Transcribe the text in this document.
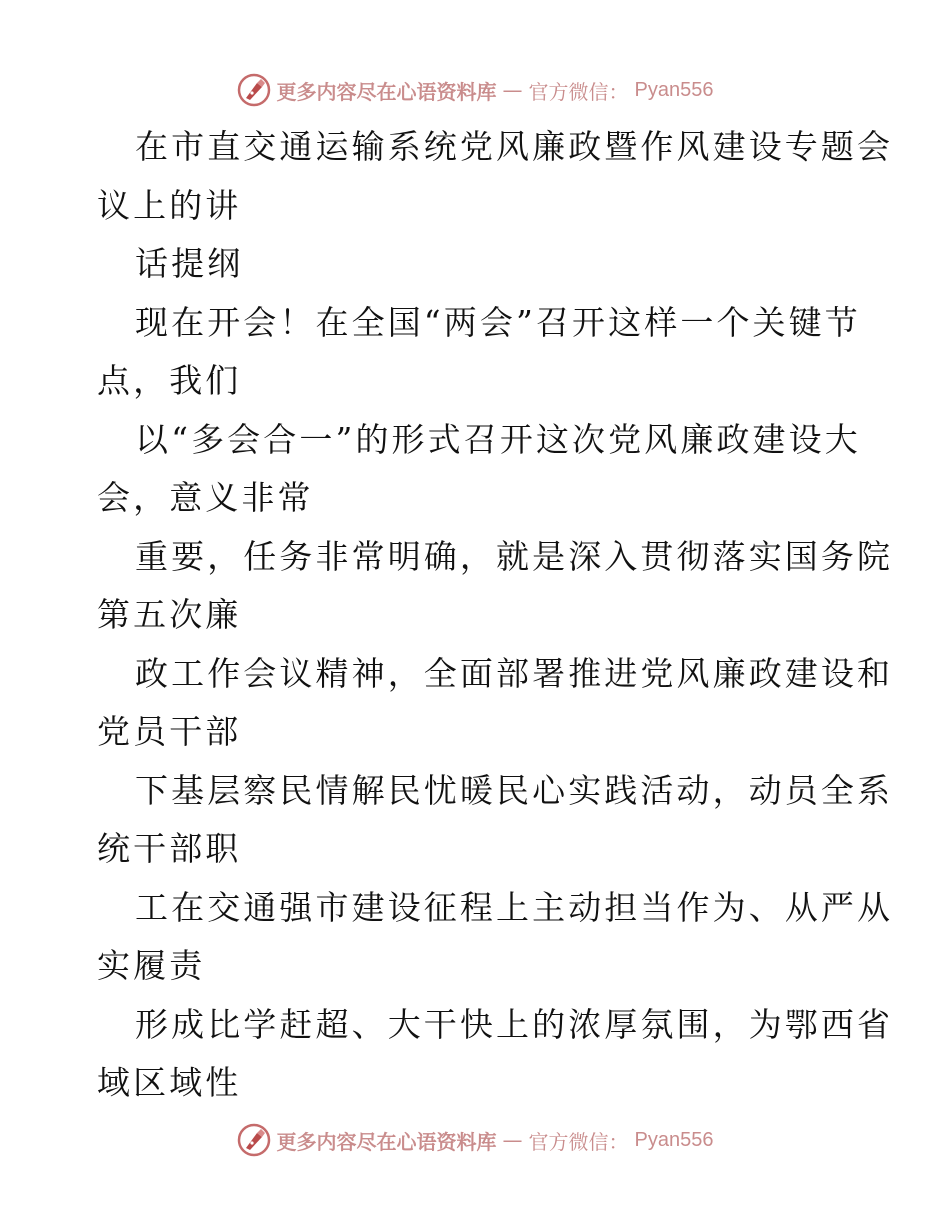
更多内容尽在心语资料库 — 官方微信： Pyan556
在市直交通运输系统党风廉政暨作风建设专题会
议上的讲
话提纲
现在开会！在全国“两会”召开这样一个关键节
点，我们
以“多会合一”的形式召开这次党风廉政建设大
会，意义非常
重要，任务非常明确，就是深入贯彻落实国务院
第五次廉
政工作会议精神，全面部署推进党风廉政建设和
党员干部
下基层察民情解民忧暖民心实践活动，动员全系
统干部职
工在交通强市建设征程上主动担当作为、从严从
实履责
形成比学赶超、大干快上的浓厚氛围，为鄂西省
域区域性
更多内容尽在心语资料库 — 官方微信： Pyan556
